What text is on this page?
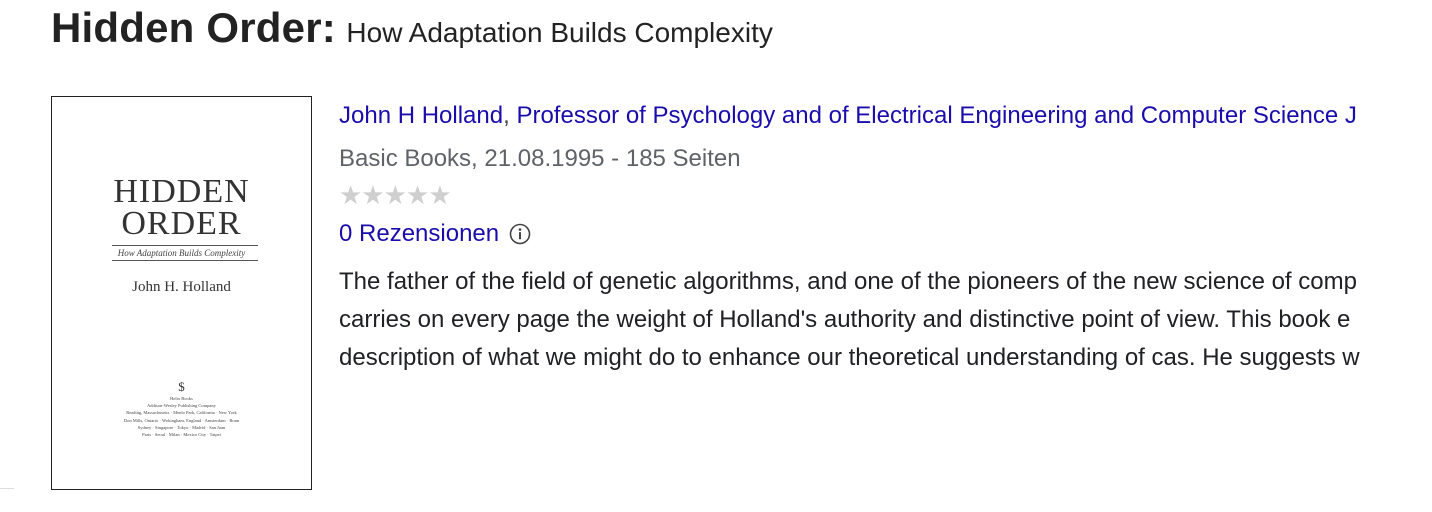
Hidden Order: How Adaptation Builds Complexity
HIDDEN
ORDER
How Adaptation Builds Complexity
John H. Holland
$
Helix Books
Addison-Wesley Publishing Company
Reading, Massachusetts · Menlo Park, California · New York
Don Mills, Ontario · Wokingham, England · Amsterdam · Bonn
Sydney · Singapore · Tokyo · Madrid · San Juan
Paris · Seoul · Milan · Mexico City · Taipei
John H Holland, Professor of Psychology and of Electrical Engineering and Computer Science J
Basic Books, 21.08.1995 - 185 Seiten
★★★★★
0 Rezensionen
The father of the field of genetic algorithms, and one of the pioneers of the new science of comp
carries on every page the weight of Holland's authority and distinctive point of view. This book e
description of what we might do to enhance our theoretical understanding of cas. He suggests w
